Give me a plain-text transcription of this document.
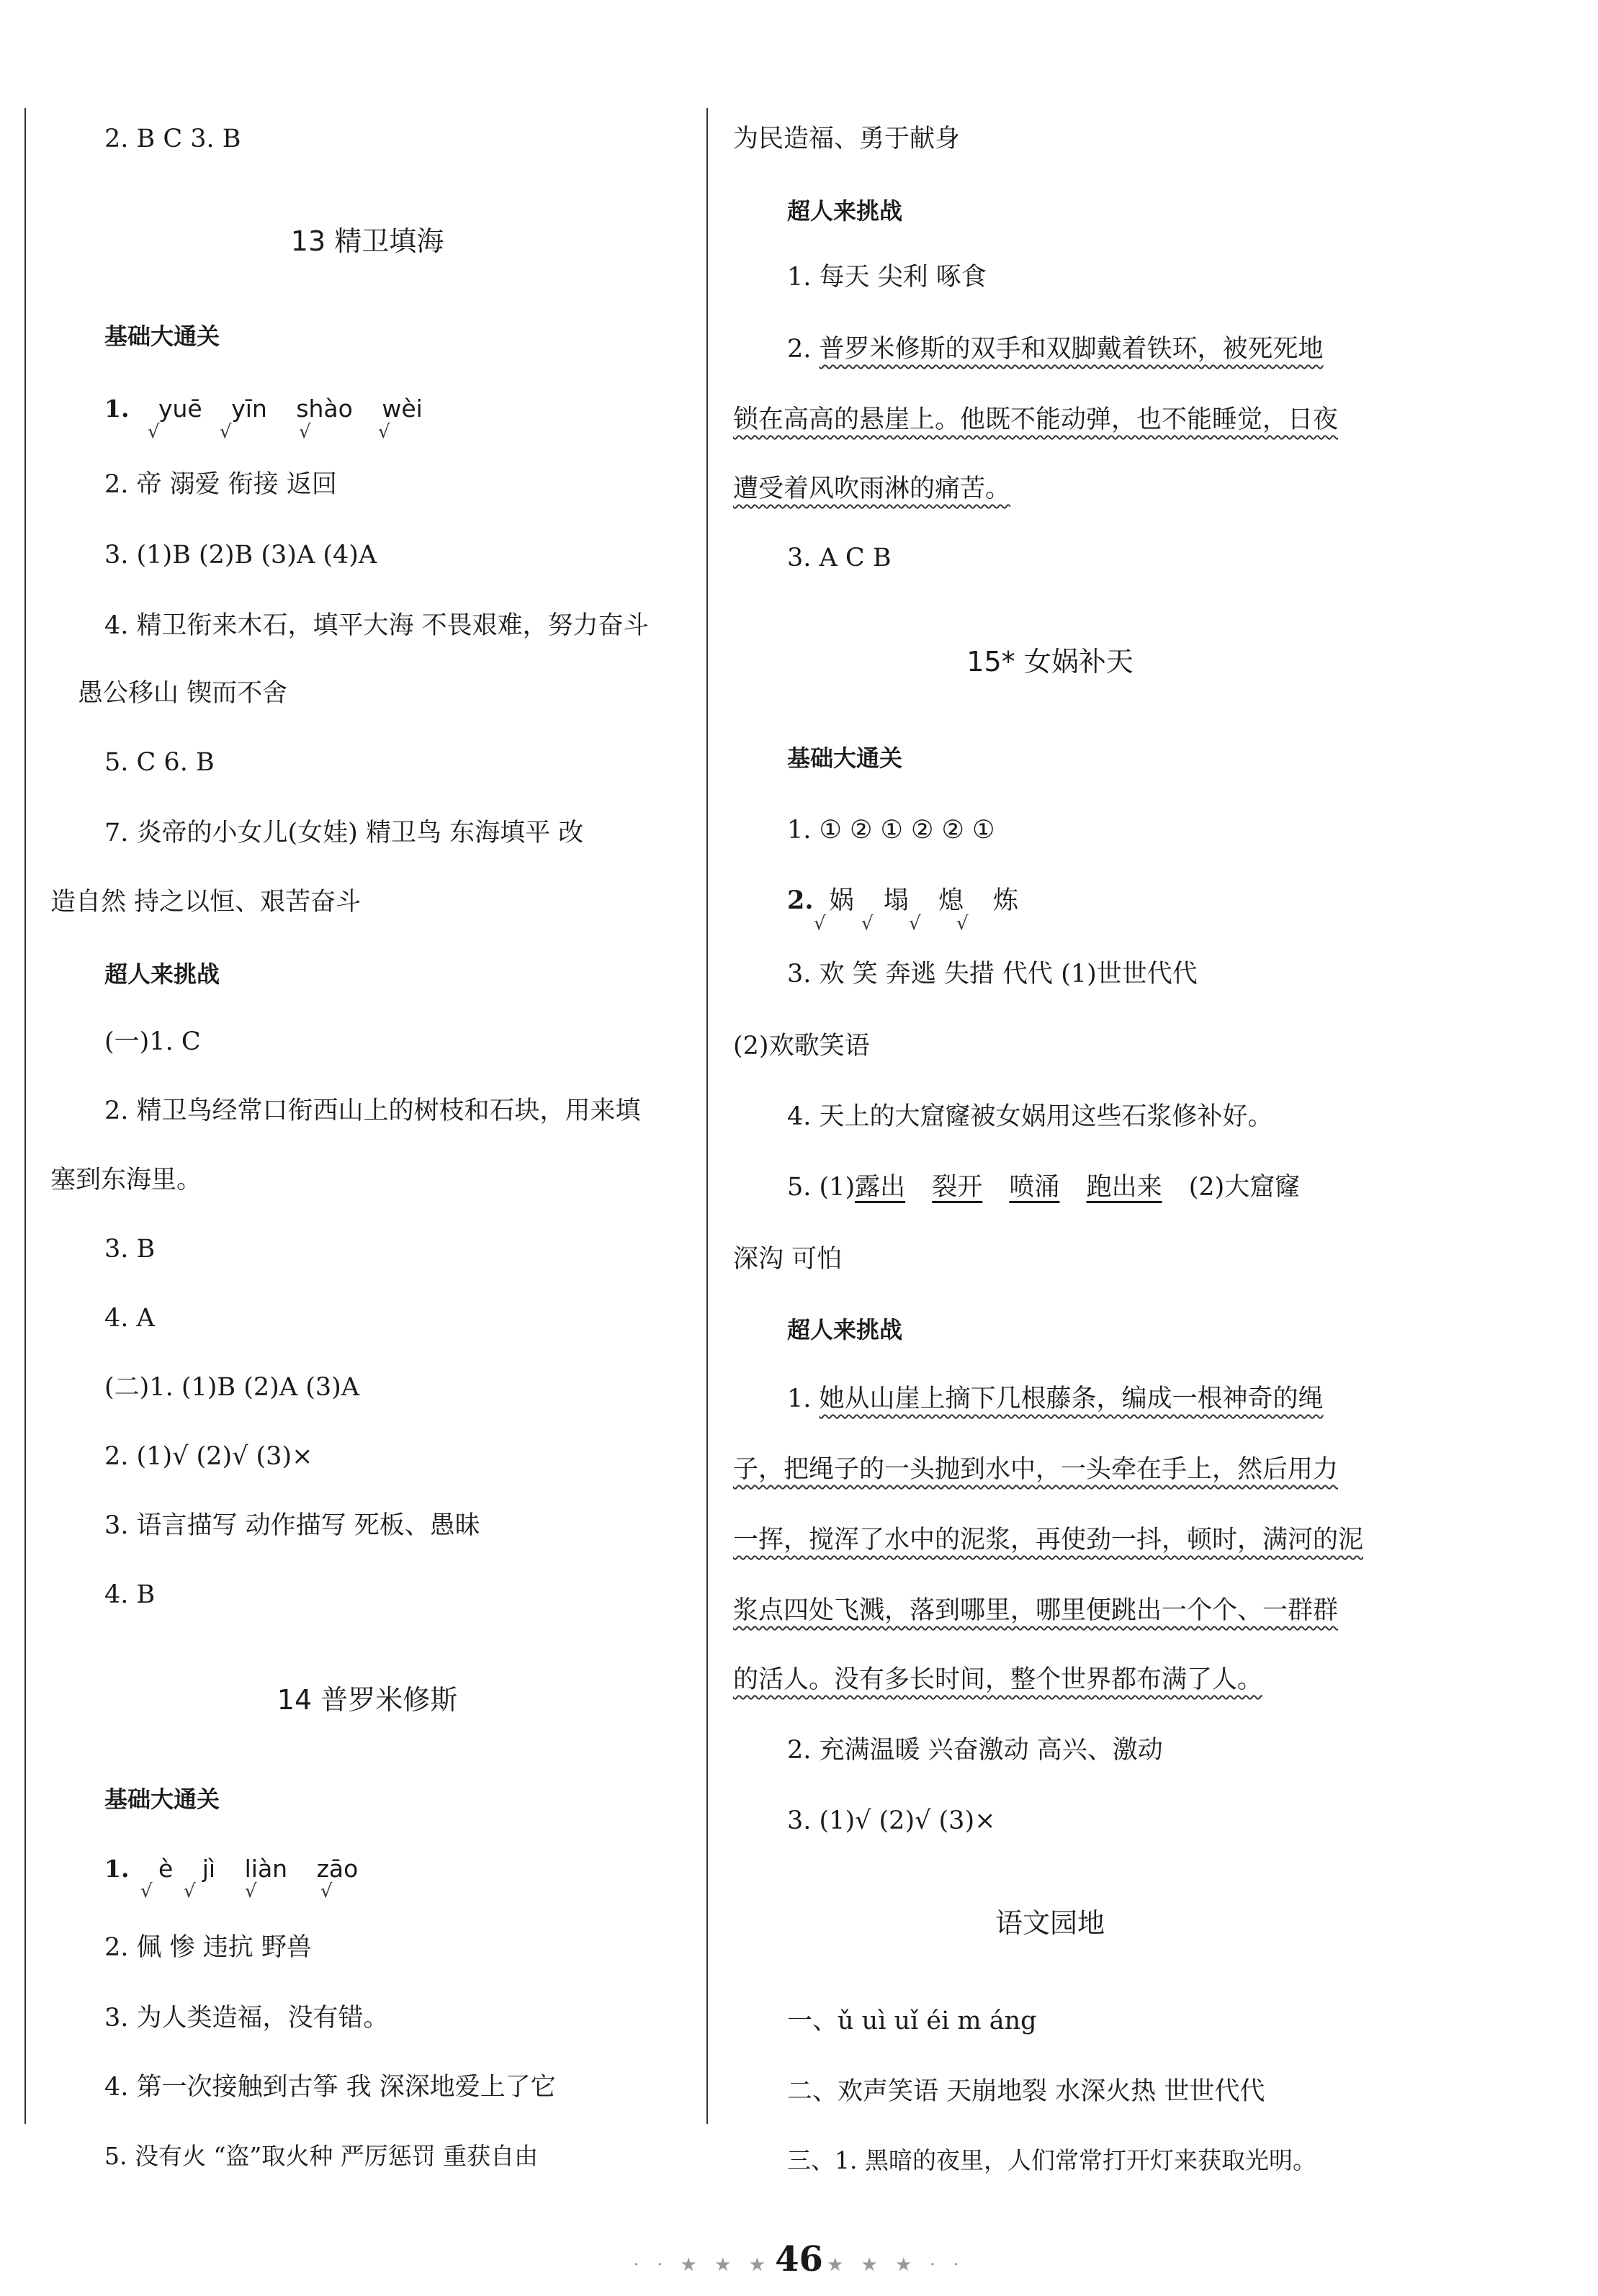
2. B C 3. B
13 精卫填海
基础大通关
1. yuē yīn shào wèi
√	√	√	√
2. 帝 溺爱 衔接 返回
3. (1)B (2)B (3)A (4)A
4. 精卫衔来木石，填平大海 不畏艰难，努力奋斗
愚公移山 锲而不舍
5. C 6. B
7. 炎帝的小女儿(女娃) 精卫鸟 东海填平 改
造自然 持之以恒、艰苦奋斗
超人来挑战
(一)1. C
2. 精卫鸟经常口衔西山上的树枝和石块，用来填
塞到东海里。
3. B
4. A
(二)1. (1)B (2)A (3)A
2. (1)√ (2)√ (3)×
3. 语言描写 动作描写 死板、愚昧
4. B
14 普罗米修斯
基础大通关
1. è jì liàn zāo
√ √	√	√
2. 佩 惨 违抗 野兽
3. 为人类造福，没有错。
4. 第一次接触到古筝 我 深深地爱上了它
5. 没有火 “盗”取火种 严厉惩罚 重获自由
为民造福、勇于献身
超人来挑战
1. 每天 尖利 啄食
2. 普罗米修斯的双手和双脚戴着铁环，被死死地
锁在高高的悬崖上。他既不能动弹，也不能睡觉，日夜
遭受着风吹雨淋的痛苦。
3. A C B
15* 女娲补天
基础大通关
1. ① ② ① ② ② ①
2. 娲 塌 熄 炼
√ √ √ √
3. 欢 笑 奔逃 失措 代代 (1)世世代代
(2)欢歌笑语
4. 天上的大窟窿被女娲用这些石浆修补好。
5. (1)露出 裂开 喷涌 跑出来 (2)大窟窿
深沟 可怕
超人来挑战
1. 她从山崖上摘下几根藤条，编成一根神奇的绳
子，把绳子的一头抛到水中，一头牵在手上，然后用力
一挥，搅浑了水中的泥浆，再使劲一抖，顿时，满河的泥
浆点四处飞溅，落到哪里，哪里便跳出一个个、一群群
的活人。没有多长时间，整个世界都布满了人。
2. 充满温暖 兴奋激动 高兴、激动
3. (1)√ (2)√ (3)×
语文园地
一、ǔ uì uǐ éi m áng
二、欢声笑语 天崩地裂 水深火热 世世代代
三、1. 黑暗的夜里，人们常常打开灯来获取光明。
· · ★ ★ ★ 46 ★ ★ ★ · ·
